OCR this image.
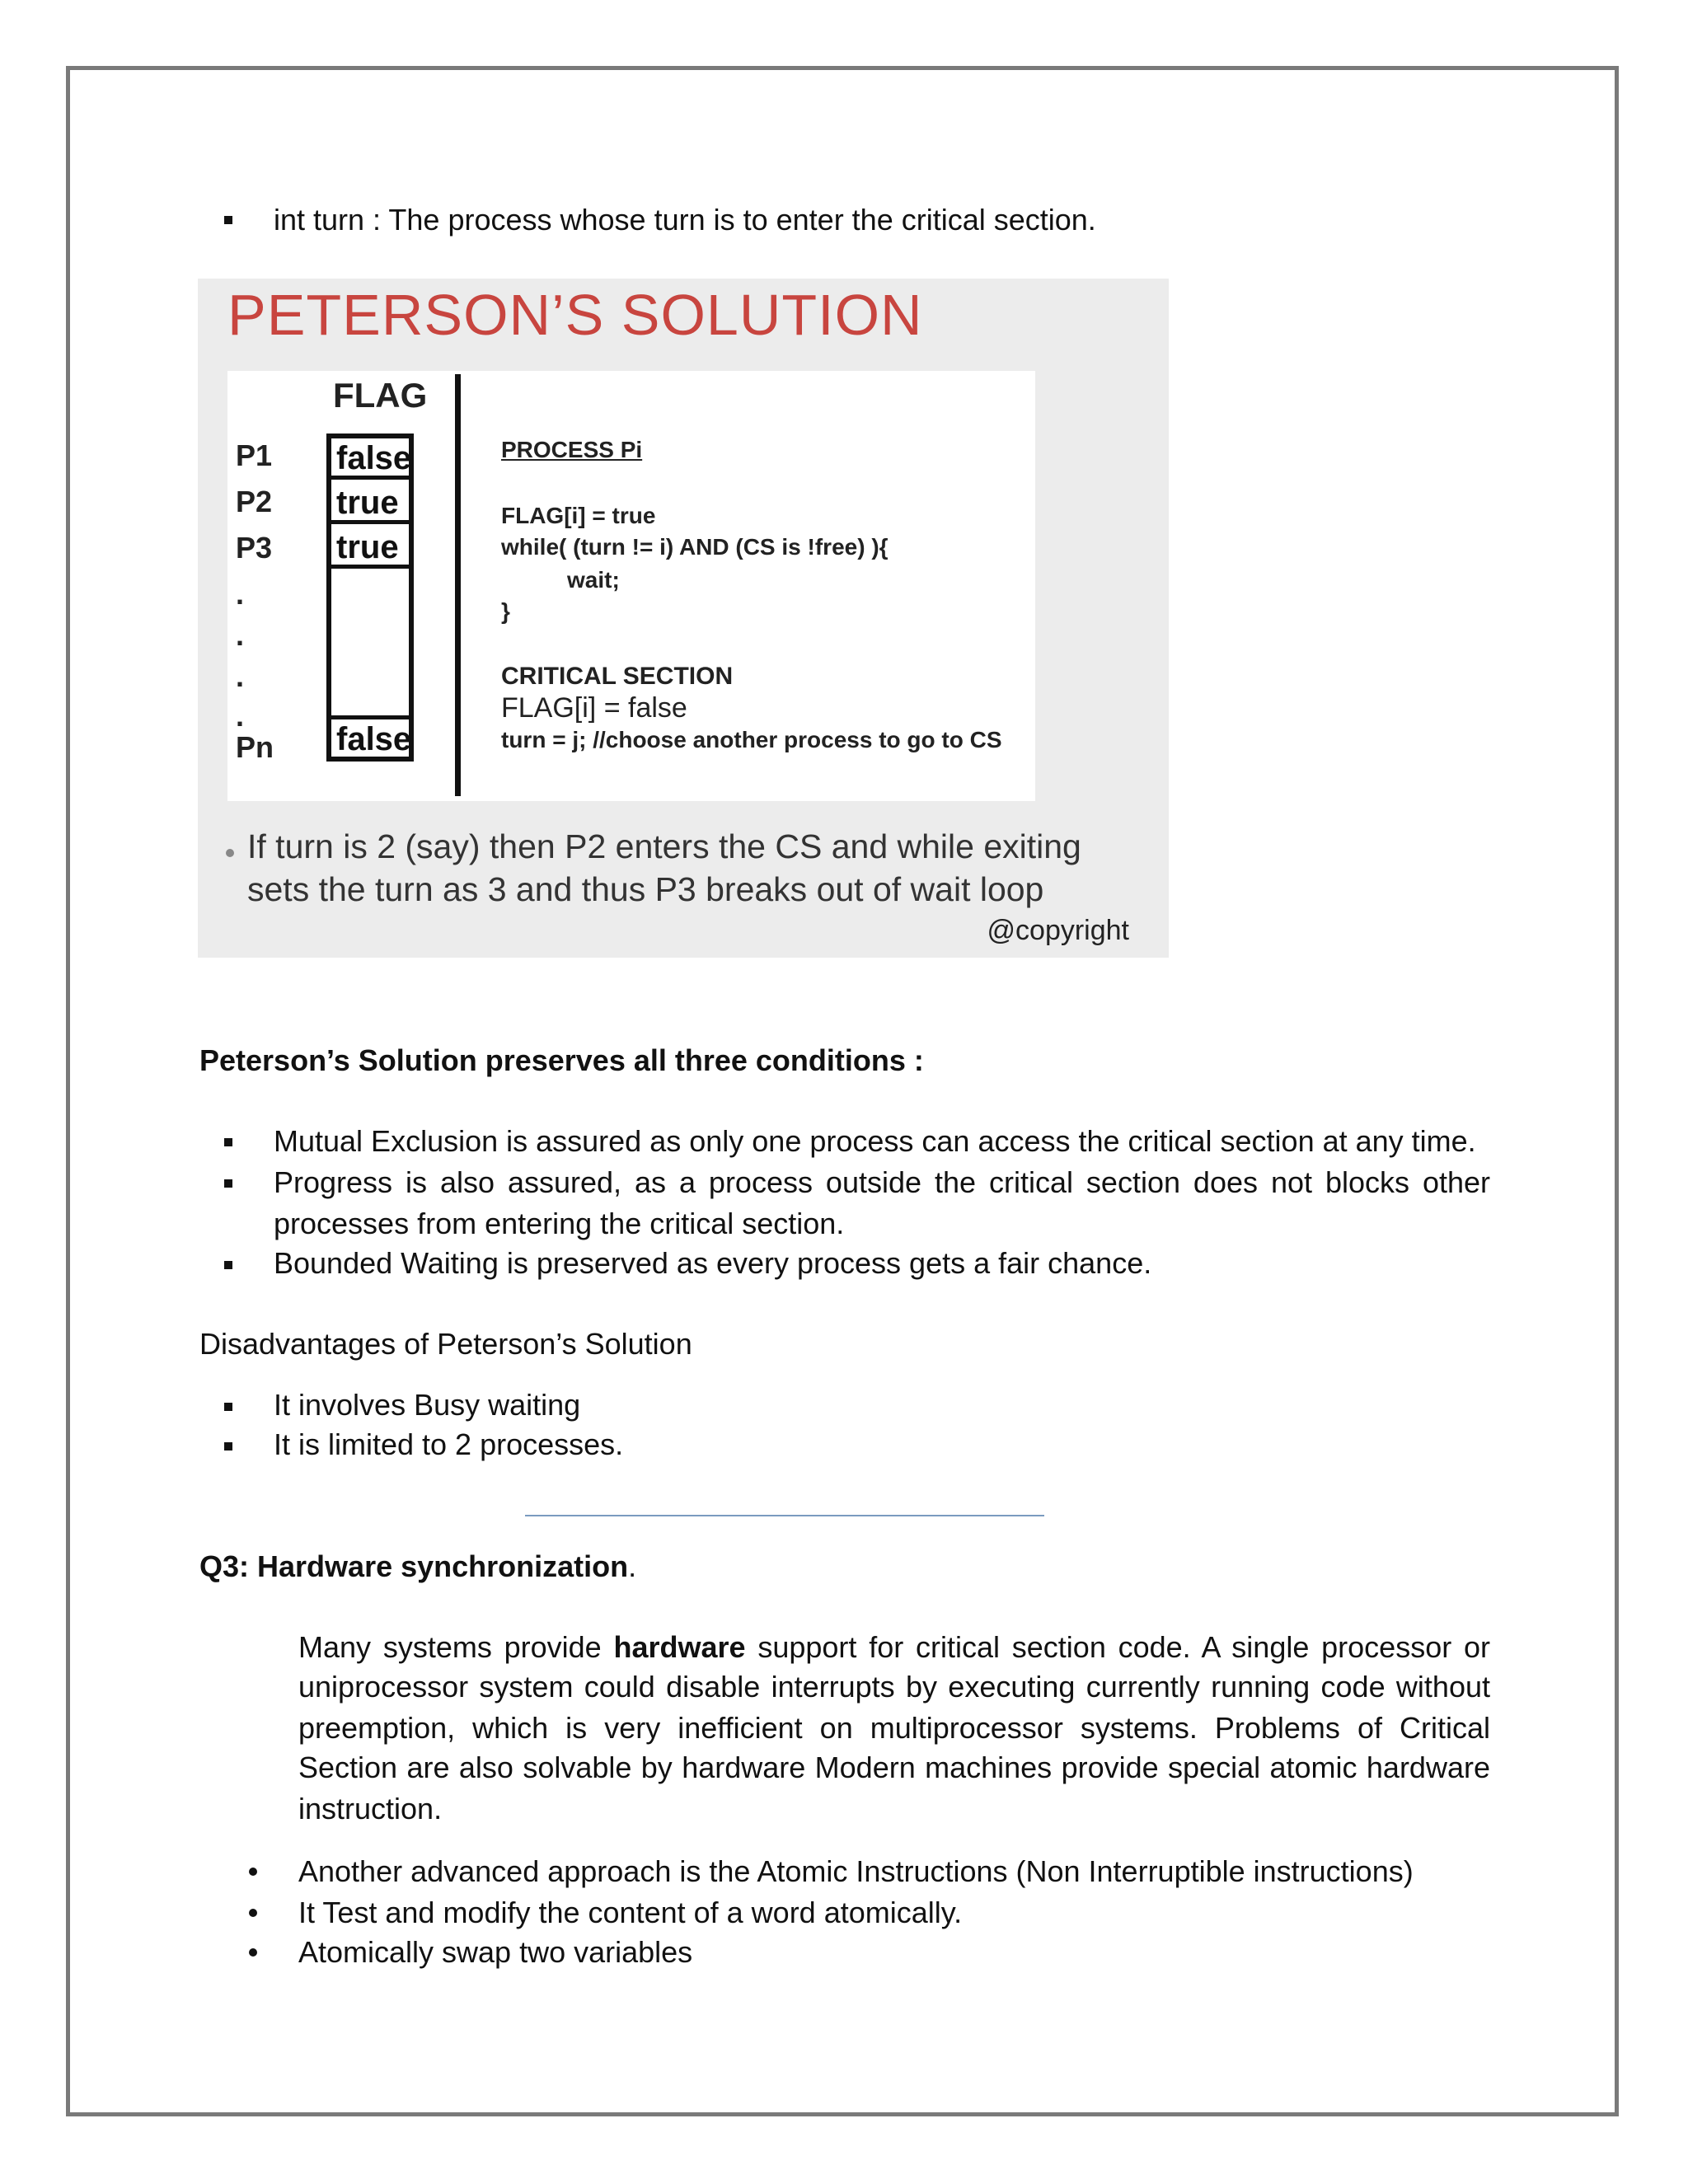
int turn : The process whose turn is to enter the critical section.
PETERSON’S SOLUTION
FLAG
P1
P2
P3
.
.
.
.
Pn
false
true
true
false
PROCESS Pi
FLAG[i] = true
while( (turn != i) AND (CS is !free) ){
wait;
}
CRITICAL SECTION
FLAG[i] = false
turn = j; //choose another process to go to CS
If turn is 2 (say) then P2 enters the CS and while exiting
sets the turn as 3 and thus P3 breaks out of wait loop
@copyright
Peterson’s Solution preserves all three conditions :
Mutual Exclusion is assured as only one process can access the critical section at any time.
Progress is also assured, as a process outside the critical section does not blocks other
processes from entering the critical section.
Bounded Waiting is preserved as every process gets a fair chance.
Disadvantages of Peterson’s Solution
It involves Busy waiting
It is limited to 2 processes.
Q3: Hardware synchronization.
Many systems provide hardware support for critical section code. A single processor or
uniprocessor system could disable interrupts by executing currently running code without
preemption, which is very inefficient on multiprocessor systems. Problems of Critical
Section are also solvable by hardware Modern machines provide special atomic hardware
instruction.
Another advanced approach is the Atomic Instructions (Non Interruptible instructions)
It Test and modify the content of a word atomically.
Atomically swap two variables
